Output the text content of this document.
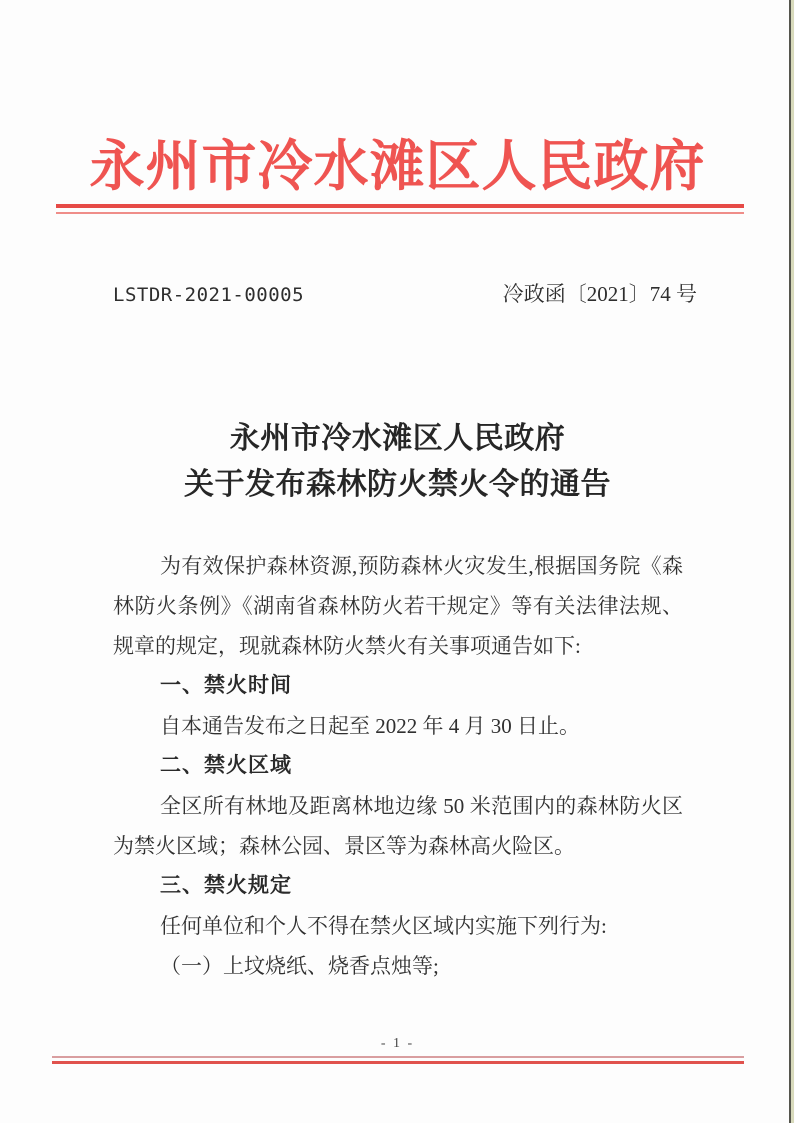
永州市冷水滩区人民政府
LSTDR-2021-00005	冷政函〔2021〕74 号
永州市冷水滩区人民政府
关于发布森林防火禁火令的通告

为有效保护森林资源,预防森林火灾发生,根据国务院《森

林防火条例》《湖南省森林防火若干规定》等有关法律法规、

规章的规定，现就森林防火禁火有关事项通告如下:

一、禁火时间

自本通告发布之日起至 2022 年 4 月 30 日止。

二、禁火区域

全区所有林地及距离林地边缘 50 米范围内的森林防火区

为禁火区域；森林公园、景区等为森林高火险区。

三、禁火规定

任何单位和个人不得在禁火区域内实施下列行为:

（一）上坟烧纸、烧香点烛等;

- 1 -
